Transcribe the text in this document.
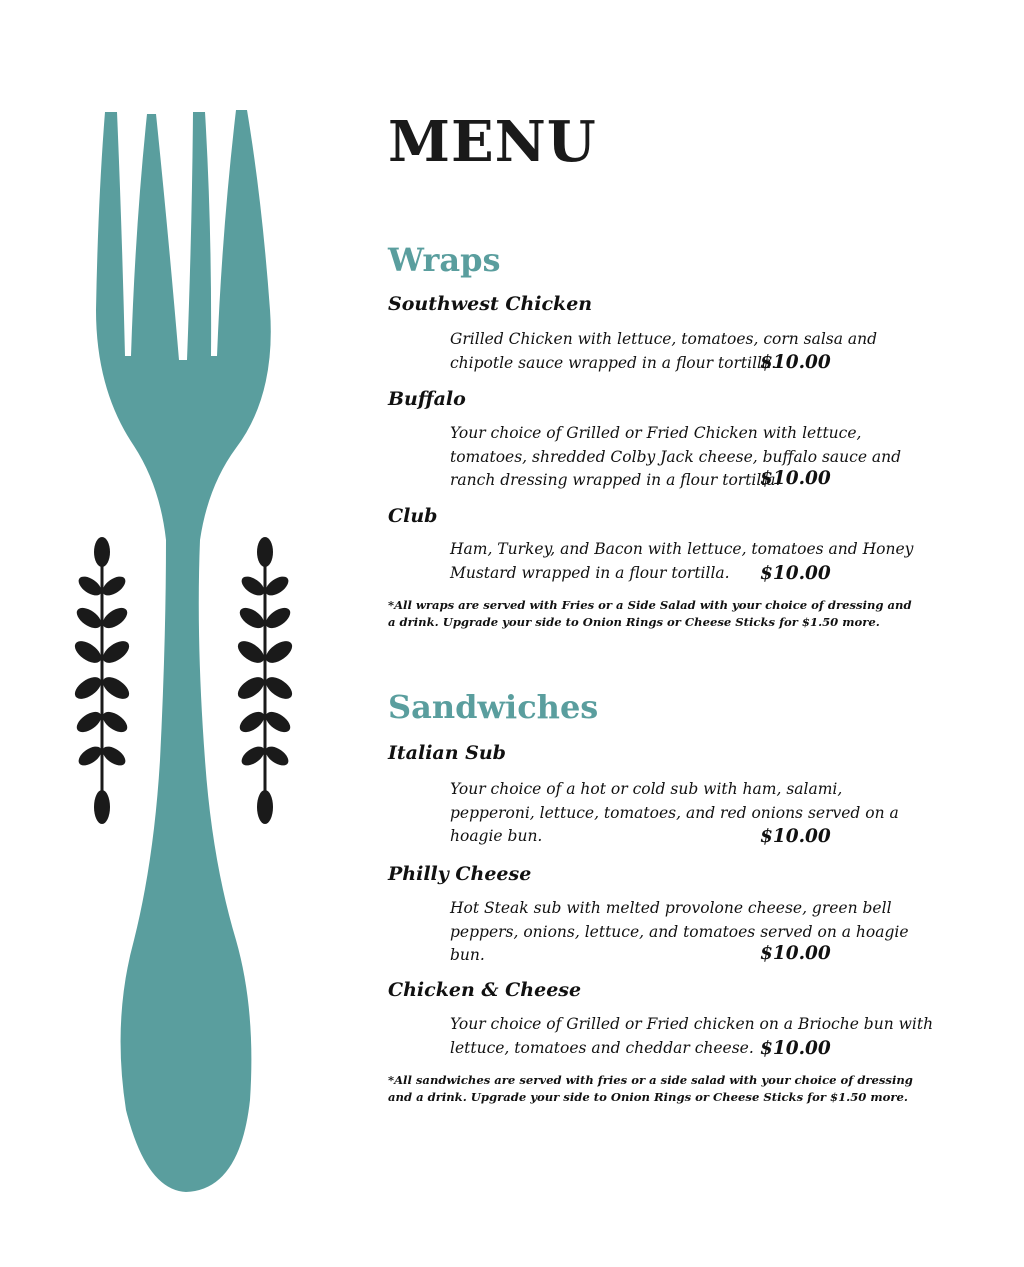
MENU
Wraps
Southwest Chicken

Grilled Chicken with lettuce, tomatoes, corn salsa and
chipotle sauce wrapped in a flour tortilla.

$10.00
Buffalo

Your choice of Grilled or Fried Chicken with lettuce,
tomatoes, shredded Colby Jack cheese, buffalo sauce and
ranch dressing wrapped in a flour tortilla.

$10.00
Club

Ham, Turkey, and Bacon with lettuce, tomatoes and Honey
Mustard wrapped in a flour tortilla.	$10.00

*All wraps are served with Fries or a Side Salad with your choice of dressing and
a drink. Upgrade your side to Onion Rings or Cheese Sticks for $1.50 more.

Sandwiches
Italian Sub

Your choice of a hot or cold sub with ham, salami,
pepperoni, lettuce, tomatoes, and red onions served on a
hoagie bun.	$10.00
Philly Cheese

Hot Steak sub with melted provolone cheese, green bell
peppers, onions, lettuce, and tomatoes served on a hoagie
bun.	$10.00
Chicken & Cheese

Your choice of Grilled or Fried chicken on a Brioche bun with
lettuce, tomatoes and cheddar cheese. $10.00

*All sandwiches are served with fries or a side salad with your choice of dressing
and a drink. Upgrade your side to Onion Rings or Cheese Sticks for $1.50 more.
